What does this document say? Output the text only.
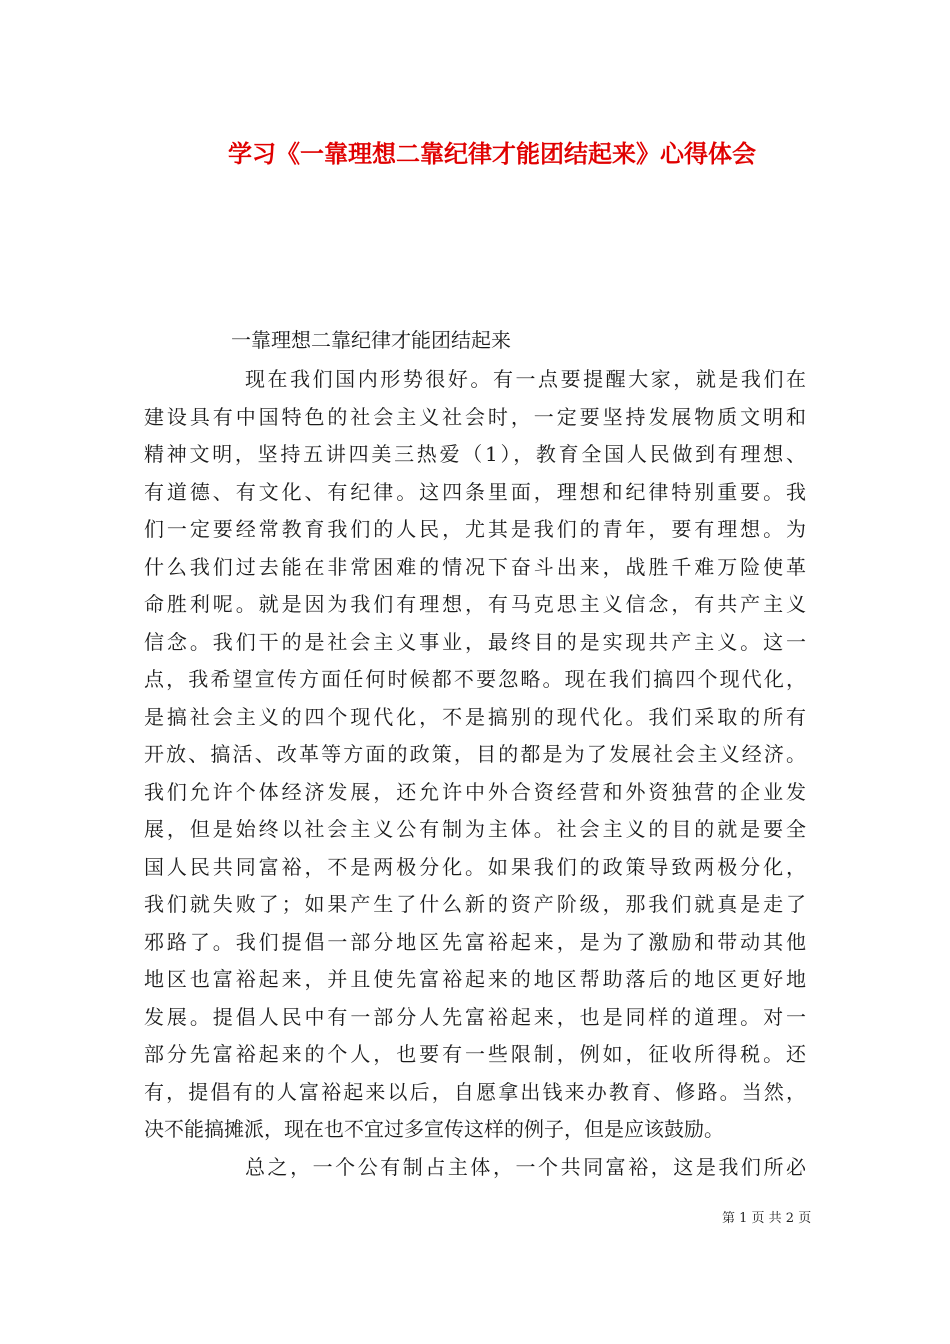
学习《一靠理想二靠纪律才能团结起来》心得体会
一靠理想二靠纪律才能团结起来
现在我们国内形势很好。有一点要提醒大家，就是我们在
建设具有中国特色的社会主义社会时，一定要坚持发展物质文明和
精神文明，坚持五讲四美三热爱（1），教育全国人民做到有理想、
有道德、有文化、有纪律。这四条里面，理想和纪律特别重要。我
们一定要经常教育我们的人民，尤其是我们的青年，要有理想。为
什么我们过去能在非常困难的情况下奋斗出来，战胜千难万险使革
命胜利呢。就是因为我们有理想，有马克思主义信念，有共产主义
信念。我们干的是社会主义事业，最终目的是实现共产主义。这一
点，我希望宣传方面任何时候都不要忽略。现在我们搞四个现代化，
是搞社会主义的四个现代化，不是搞别的现代化。我们采取的所有
开放、搞活、改革等方面的政策，目的都是为了发展社会主义经济。
我们允许个体经济发展，还允许中外合资经营和外资独营的企业发
展，但是始终以社会主义公有制为主体。社会主义的目的就是要全
国人民共同富裕，不是两极分化。如果我们的政策导致两极分化，
我们就失败了；如果产生了什么新的资产阶级，那我们就真是走了
邪路了。我们提倡一部分地区先富裕起来，是为了激励和带动其他
地区也富裕起来，并且使先富裕起来的地区帮助落后的地区更好地
发展。提倡人民中有一部分人先富裕起来，也是同样的道理。对一
部分先富裕起来的个人，也要有一些限制，例如，征收所得税。还
有，提倡有的人富裕起来以后，自愿拿出钱来办教育、修路。当然，
决不能搞摊派，现在也不宜过多宣传这样的例子，但是应该鼓励。
总之，一个公有制占主体，一个共同富裕，这是我们所必
第 1 页 共 2 页
